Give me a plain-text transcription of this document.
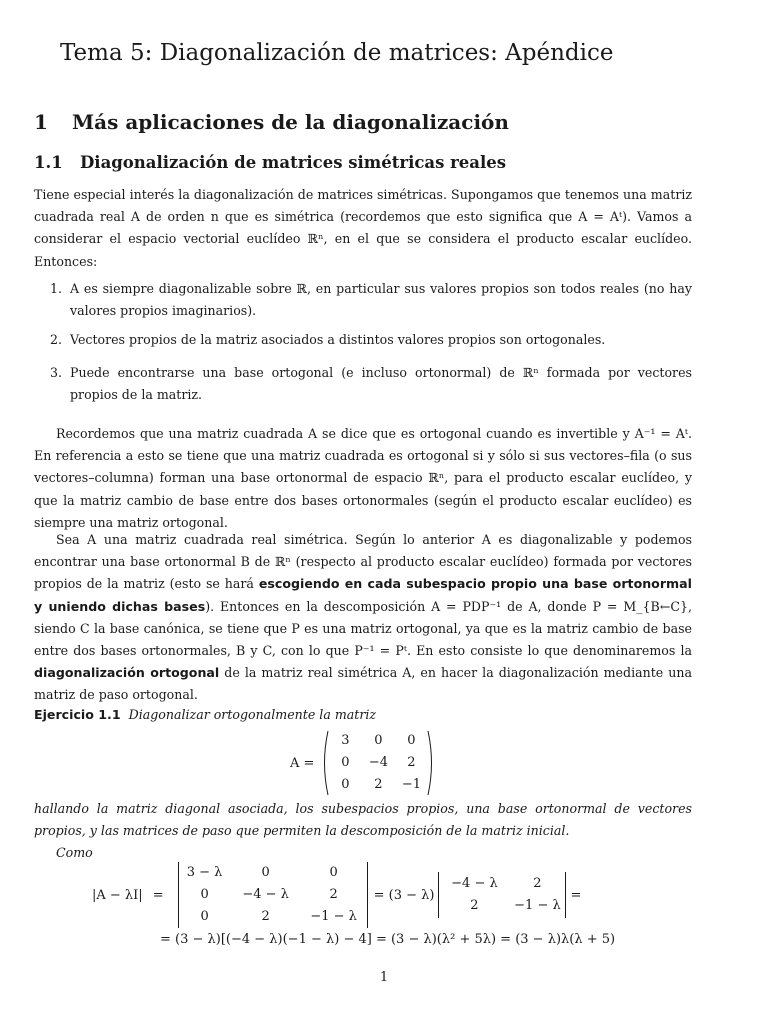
Tema 5: Diagonalización de matrices: Apéndice
1 Más aplicaciones de la diagonalización
1.1 Diagonalización de matrices simétricas reales

Tiene especial interés la diagonalización de matrices simétricas. Supongamos que tenemos una matriz cuadrada real A de orden n que es simétrica (recordemos que esto significa que A = Aᵗ). Vamos a considerar el espacio vectorial euclídeo ℝⁿ, en el que se considera el producto escalar euclídeo. Entonces:

1. A es siempre diagonalizable sobre ℝ, en particular sus valores propios son todos reales (no hay valores propios imaginarios).
2. Vectores propios de la matriz asociados a distintos valores propios son ortogonales.
3. Puede encontrarse una base ortogonal (e incluso ortonormal) de ℝⁿ formada por vectores propios de la matriz.

Recordemos que una matriz cuadrada A se dice que es ortogonal cuando es invertible y A⁻¹ = Aᵗ. En referencia a esto se tiene que una matriz cuadrada es ortogonal si y sólo si sus vectores–fila (o sus vectores–columna) forman una base ortonormal de espacio ℝⁿ, para el producto escalar euclídeo, y que la matriz cambio de base entre dos bases ortonormales (según el producto escalar euclídeo) es siempre una matriz ortogonal.

Sea A una matriz cuadrada real simétrica. Según lo anterior A es diagonalizable y podemos encontrar una base ortonormal B de ℝⁿ (respecto al producto escalar euclídeo) formada por vectores propios de la matriz (esto se hará escogiendo en cada subespacio propio una base ortonormal y uniendo dichas bases). Entonces en la descomposición A = PDP⁻¹ de A, donde P = M_{B←C}, siendo C la base canónica, se tiene que P es una matriz ortogonal, ya que es la matriz cambio de base entre dos bases ortonormales, B y C, con lo que P⁻¹ = Pᵗ. En esto consiste lo que denominaremos la diagonalización ortogonal de la matriz real simétrica A, en hacer la diagonalización mediante una matriz de paso ortogonal.

Ejercicio 1.1 Diagonalizar ortogonalmente la matriz

A =
3	0	0
0	−4	2
0	2	−1

hallando la matriz diagonal asociada, los subespacios propios, una base ortonormal de vectores propios, y las matrices de paso que permiten la descomposición de la matriz inicial.

Como

|A − λI| =
3 − λ	0	0
0	−4 − λ	2
0	2	−1 − λ
= (3 − λ)
−4 − λ	2
2	−1 − λ
=
= (3 − λ)[(−4 − λ)(−1 − λ) − 4] = (3 − λ)(λ² + 5λ) = (3 − λ)λ(λ + 5)
1
